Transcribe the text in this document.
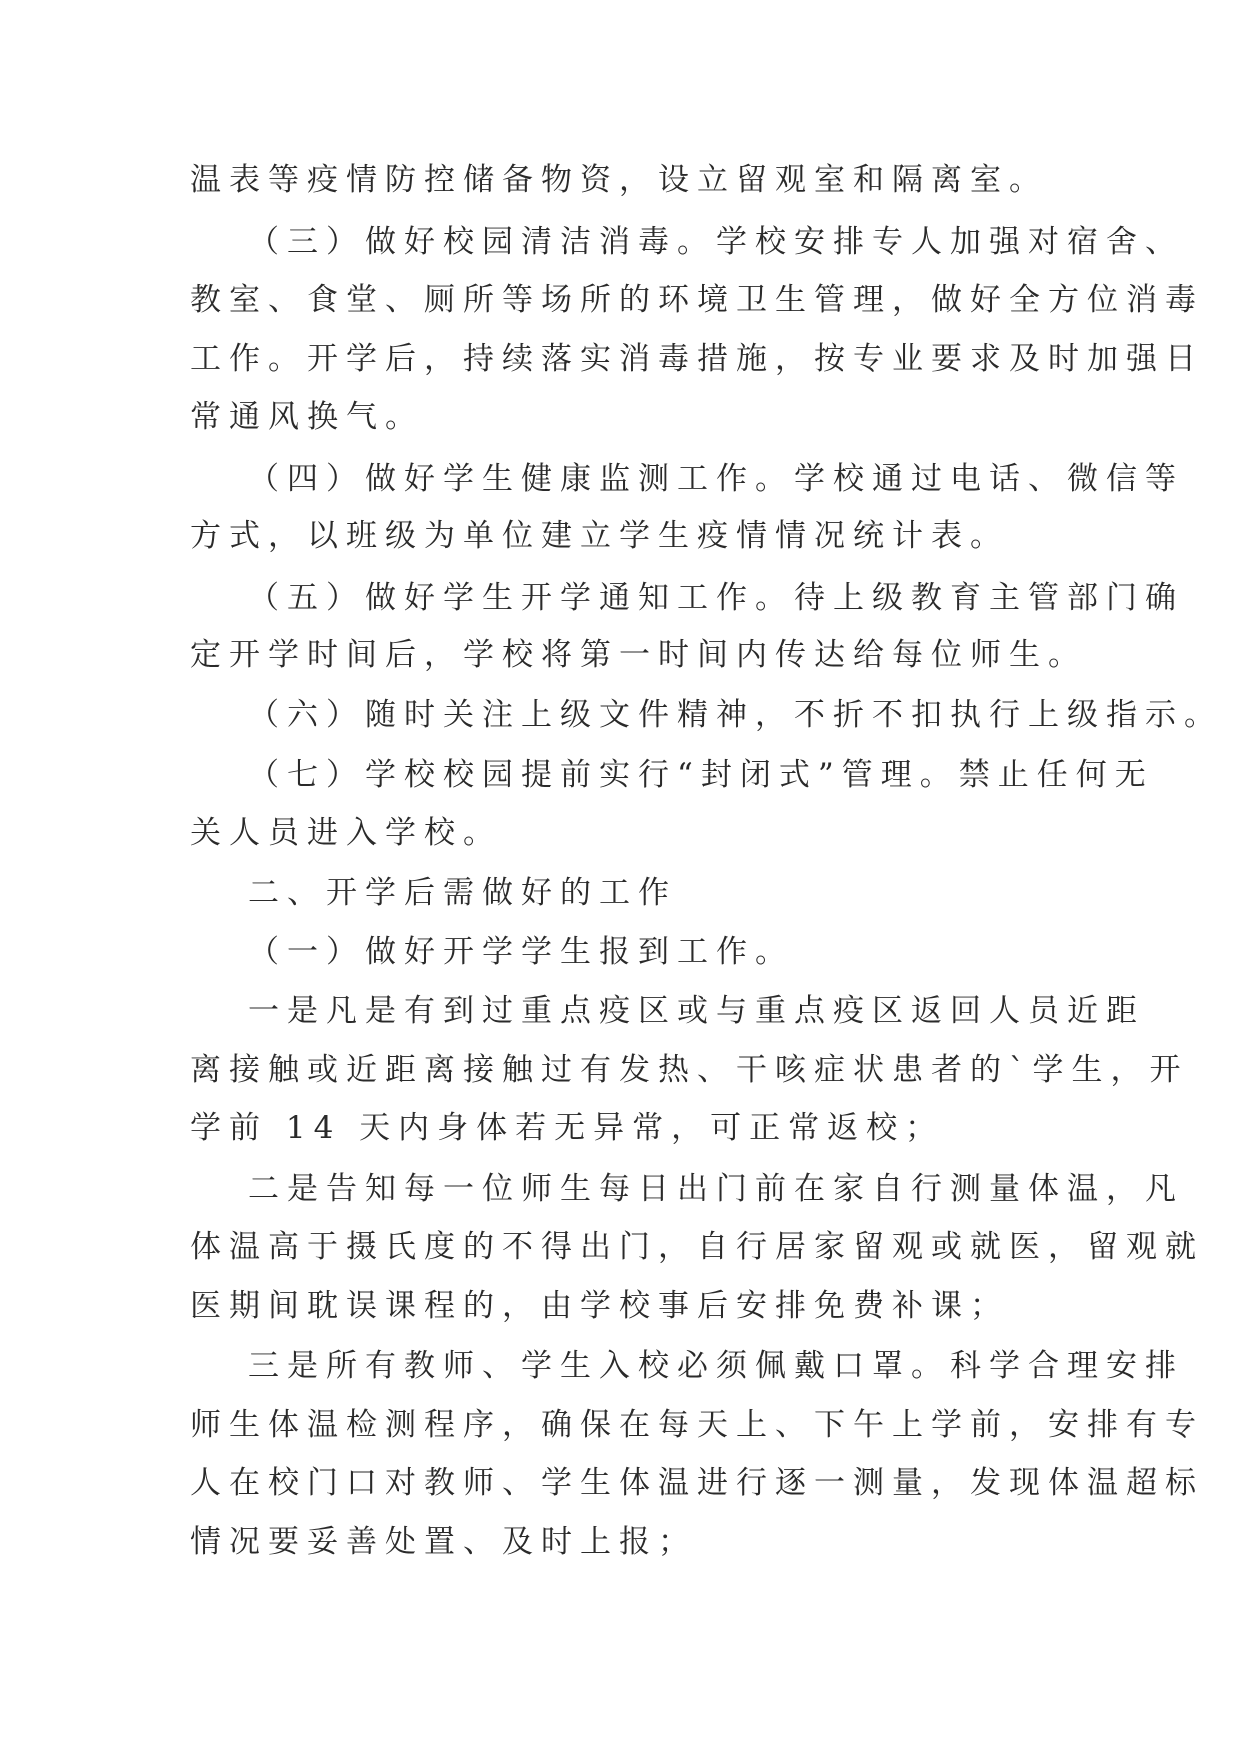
温表等疫情防控储备物资，设立留观室和隔离室。
（三）做好校园清洁消毒。学校安排专人加强对宿舍、
教室、食堂、厕所等场所的环境卫生管理，做好全方位消毒
工作。开学后，持续落实消毒措施，按专业要求及时加强日
常通风换气。
（四）做好学生健康监测工作。学校通过电话、微信等
方式，以班级为单位建立学生疫情情况统计表。
（五）做好学生开学通知工作。待上级教育主管部门确
定开学时间后，学校将第一时间内传达给每位师生。
（六）随时关注上级文件精神，不折不扣执行上级指示。
（七）学校校园提前实行“封闭式”管理。禁止任何无
关人员进入学校。
二、开学后需做好的工作
（一）做好开学学生报到工作。
一是凡是有到过重点疫区或与重点疫区返回人员近距
离接触或近距离接触过有发热、干咳症状患者的`学生，开
学前 14 天内身体若无异常，可正常返校；
二是告知每一位师生每日出门前在家自行测量体温，凡
体温高于摄氏度的不得出门，自行居家留观或就医，留观就
医期间耽误课程的，由学校事后安排免费补课；
三是所有教师、学生入校必须佩戴口罩。科学合理安排
师生体温检测程序，确保在每天上、下午上学前，安排有专
人在校门口对教师、学生体温进行逐一测量，发现体温超标
情况要妥善处置、及时上报；
